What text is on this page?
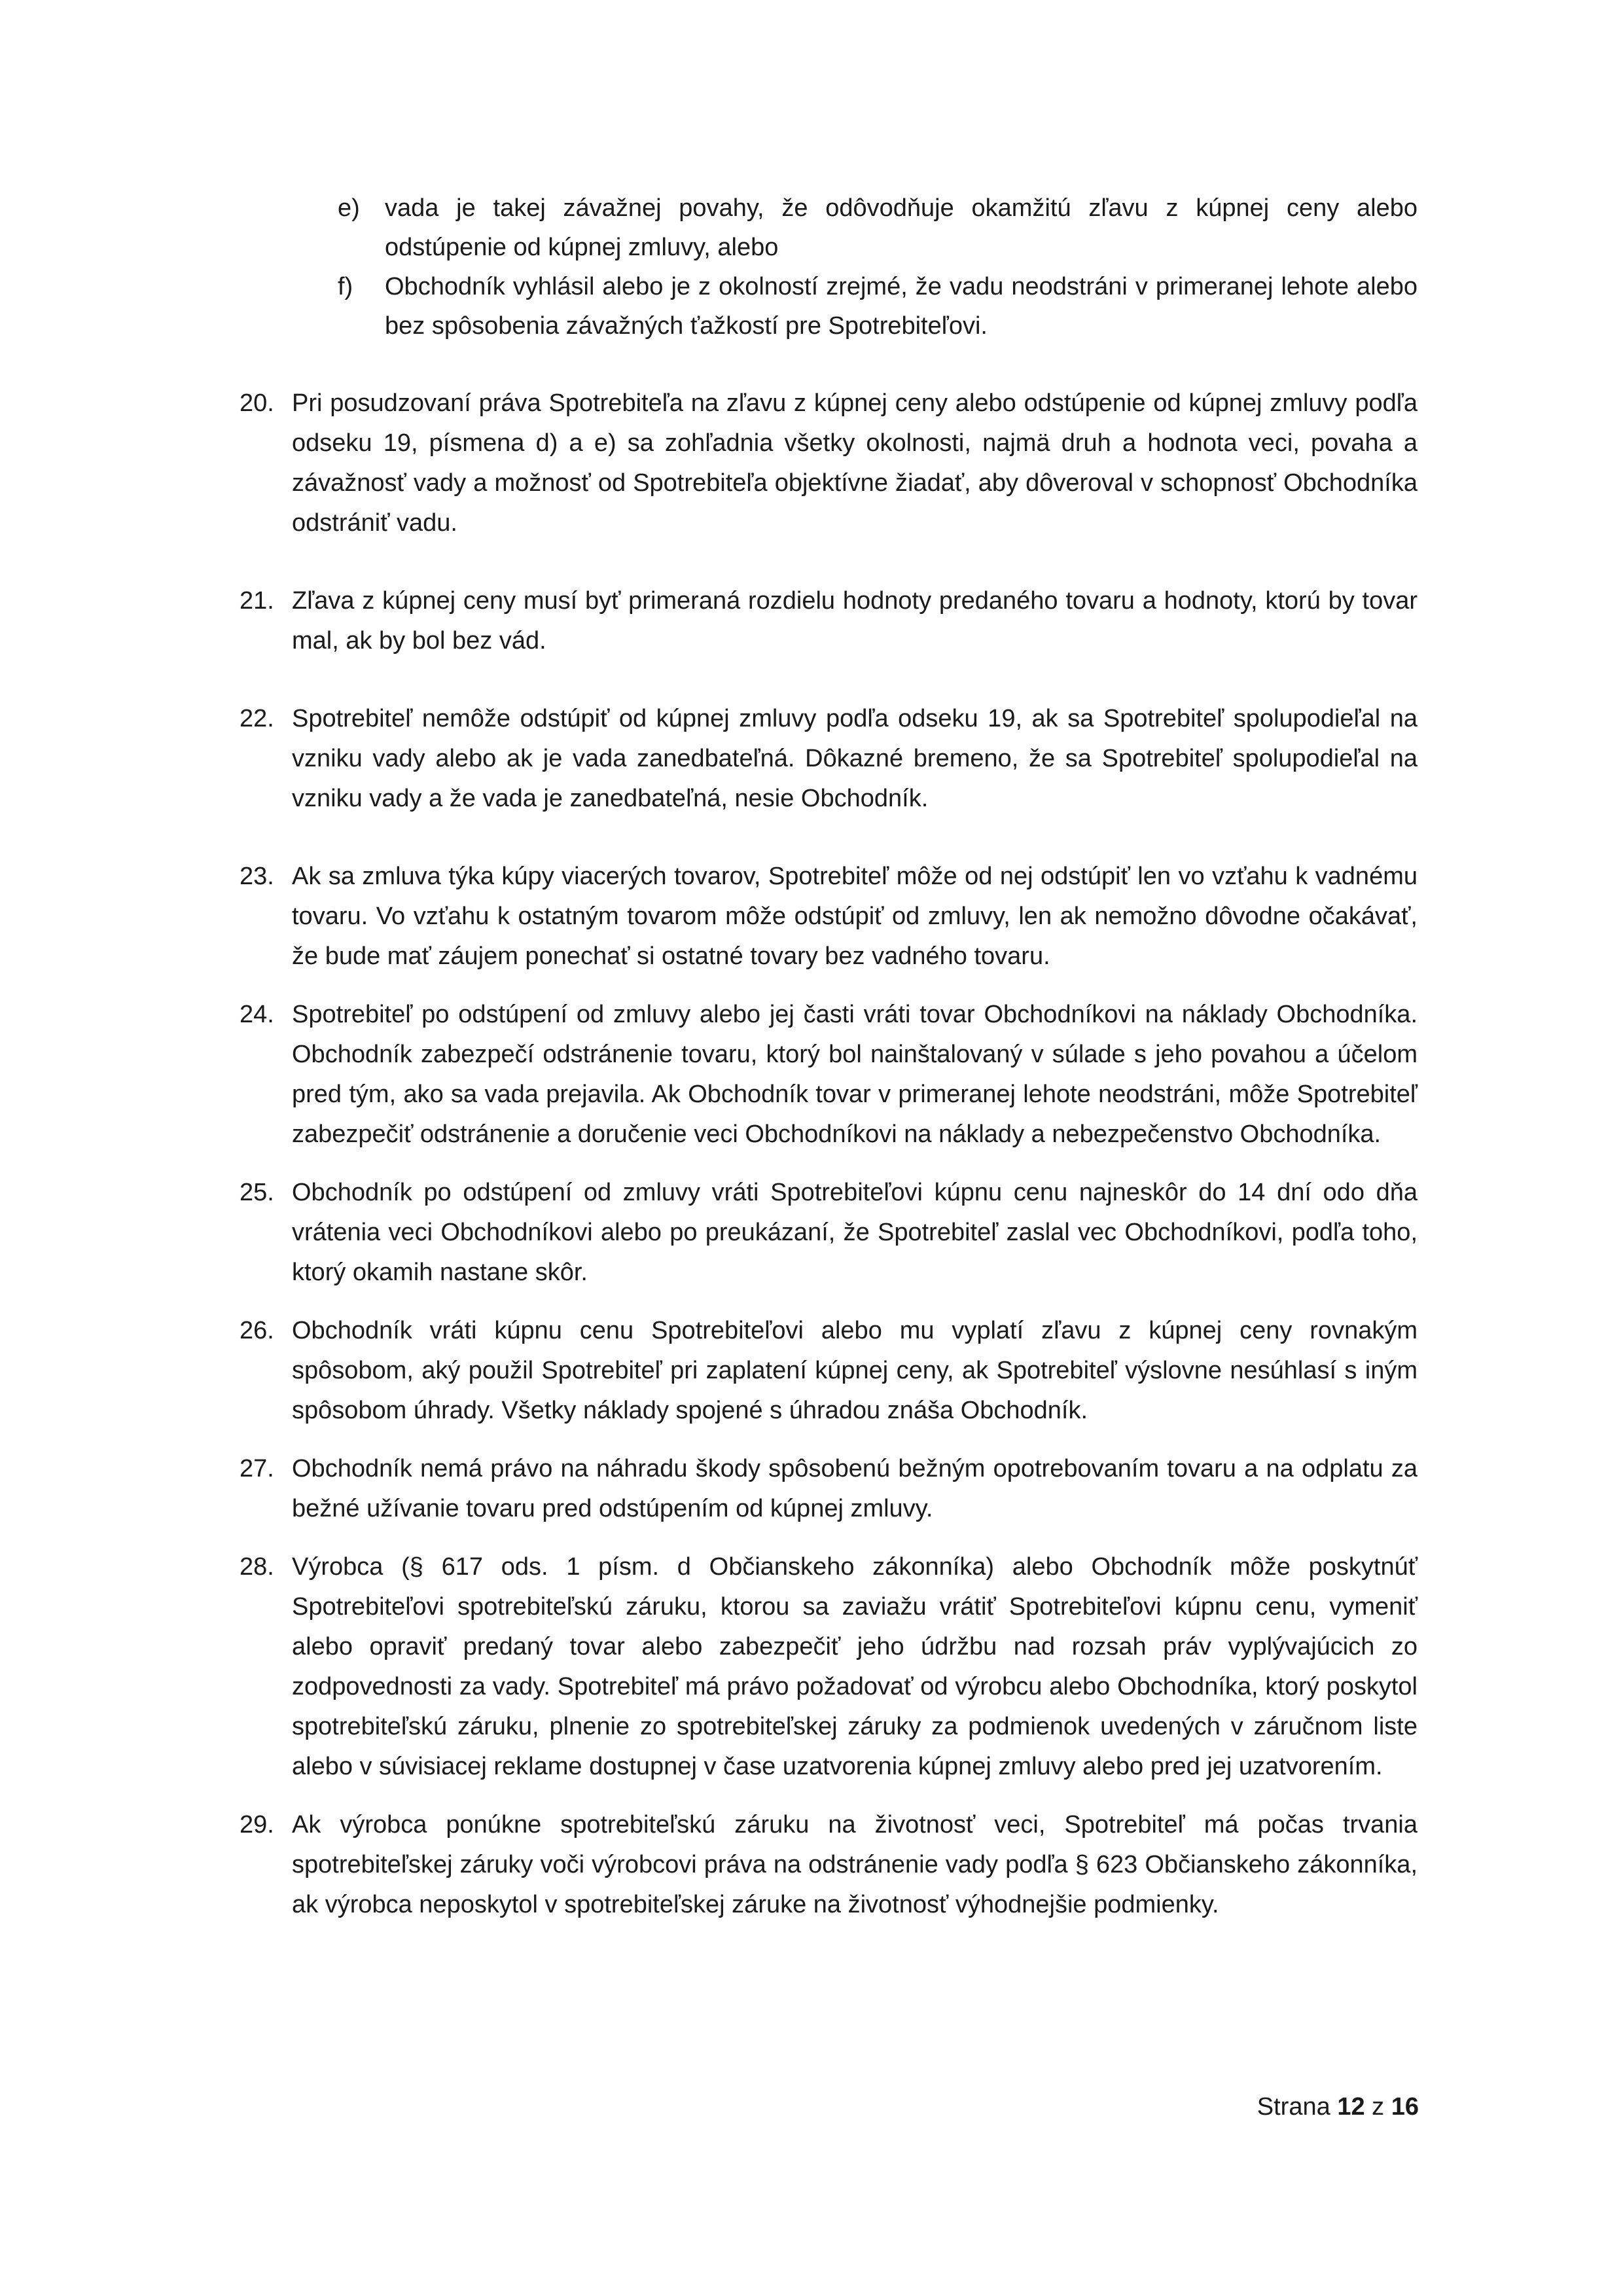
e) vada je takej závažnej povahy, že odôvodňuje okamžitú zľavu z kúpnej ceny alebo odstúpenie od kúpnej zmluvy, alebo
f) Obchodník vyhlásil alebo je z okolností zrejmé, že vadu neodstráni v primeranej lehote alebo bez spôsobenia závažných ťažkostí pre Spotrebiteľovi.
20. Pri posudzovaní práva Spotrebiteľa na zľavu z kúpnej ceny alebo odstúpenie od kúpnej zmluvy podľa odseku 19, písmena d) a e) sa zohľadnia všetky okolnosti, najmä druh a hodnota veci, povaha a závažnosť vady a možnosť od Spotrebiteľa objektívne žiadať, aby dôveroval v schopnosť Obchodníka odstrániť vadu.
21. Zľava z kúpnej ceny musí byť primeraná rozdielu hodnoty predaného tovaru a hodnoty, ktorú by tovar mal, ak by bol bez vád.
22. Spotrebiteľ nemôže odstúpiť od kúpnej zmluvy podľa odseku 19, ak sa Spotrebiteľ spolupodieľal na vzniku vady alebo ak je vada zanedbateľná. Dôkazné bremeno, že sa Spotrebiteľ spolupodieľal na vzniku vady a že vada je zanedbateľná, nesie Obchodník.
23. Ak sa zmluva týka kúpy viacerých tovarov, Spotrebiteľ môže od nej odstúpiť len vo vzťahu k vadnému tovaru. Vo vzťahu k ostatným tovarom môže odstúpiť od zmluvy, len ak nemožno dôvodne očakávať, že bude mať záujem ponechať si ostatné tovary bez vadného tovaru.
24. Spotrebiteľ po odstúpení od zmluvy alebo jej časti vráti tovar Obchodníkovi na náklady Obchodníka. Obchodník zabezpečí odstránenie tovaru, ktorý bol nainštalovaný v súlade s jeho povahou a účelom pred tým, ako sa vada prejavila. Ak Obchodník tovar v primeranej lehote neodstráni, môže Spotrebiteľ zabezpečiť odstránenie a doručenie veci Obchodníkovi na náklady a nebezpečenstvo Obchodníka.
25. Obchodník po odstúpení od zmluvy vráti Spotrebiteľovi kúpnu cenu najneskôr do 14 dní odo dňa vrátenia veci Obchodníkovi alebo po preukázaní, že Spotrebiteľ zaslal vec Obchodníkovi, podľa toho, ktorý okamih nastane skôr.
26. Obchodník vráti kúpnu cenu Spotrebiteľovi alebo mu vyplatí zľavu z kúpnej ceny rovnakým spôsobom, aký použil Spotrebiteľ pri zaplatení kúpnej ceny, ak Spotrebiteľ výslovne nesúhlasí s iným spôsobom úhrady. Všetky náklady spojené s úhradou znáša Obchodník.
27. Obchodník nemá právo na náhradu škody spôsobenú bežným opotrebovaním tovaru a na odplatu za bežné užívanie tovaru pred odstúpením od kúpnej zmluvy.
28. Výrobca (§ 617 ods. 1 písm. d Občianskeho zákonníka) alebo Obchodník môže poskytnúť Spotrebiteľovi spotrebiteľskú záruku, ktorou sa zaviažu vrátiť Spotrebiteľovi kúpnu cenu, vymeniť alebo opraviť predaný tovar alebo zabezpečiť jeho údržbu nad rozsah práv vyplývajúcich zo zodpovednosti za vady. Spotrebiteľ má právo požadovať od výrobcu alebo Obchodníka, ktorý poskytol spotrebiteľskú záruku, plnenie zo spotrebiteľskej záruky za podmienok uvedených v záručnom liste alebo v súvisiacej reklame dostupnej v čase uzatvorenia kúpnej zmluvy alebo pred jej uzatvorením.
29. Ak výrobca ponúkne spotrebiteľskú záruku na životnosť veci, Spotrebiteľ má počas trvania spotrebiteľskej záruky voči výrobcovi práva na odstránenie vady podľa § 623 Občianskeho zákonníka, ak výrobca neposkytol v spotrebiteľskej záruke na životnosť výhodnejšie podmienky.
Strana 12 z 16
